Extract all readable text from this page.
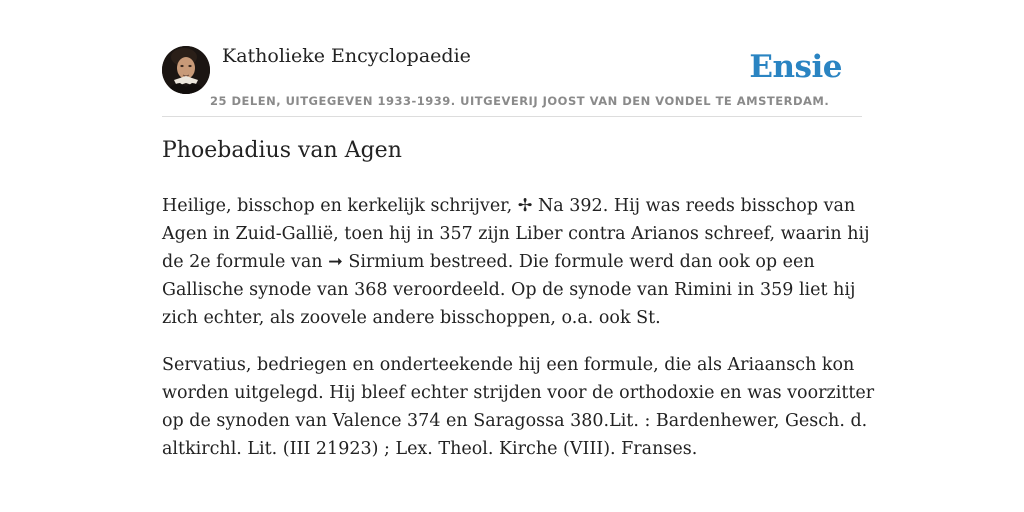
Katholieke Encyclopaedie
25 DELEN, UITGEGEVEN 1933-1939. UITGEVERIJ JOOST VAN DEN VONDEL TE AMSTERDAM.
Ensie
Phoebadius van Agen

Heilige, bisschop en kerkelijk schrijver, ✢ Na 392. Hij was reeds bisschop van
Agen in Zuid-Gallië, toen hij in 357 zijn Liber contra Arianos schreef, waarin hij
de 2e formule van ➞ Sirmium bestreed. Die formule werd dan ook op een
Gallische synode van 368 veroordeeld. Op de synode van Rimini in 359 liet hij
zich echter, als zoovele andere bisschoppen, o.a. ook St.

Servatius, bedriegen en onderteekende hij een formule, die als Ariaansch kon
worden uitgelegd. Hij bleef echter strijden voor de orthodoxie en was voorzitter
op de synoden van Valence 374 en Saragossa 380.Lit. : Bardenhewer, Gesch. d.
altkirchl. Lit. (III 21923) ; Lex. Theol. Kirche (VIII). Franses.
